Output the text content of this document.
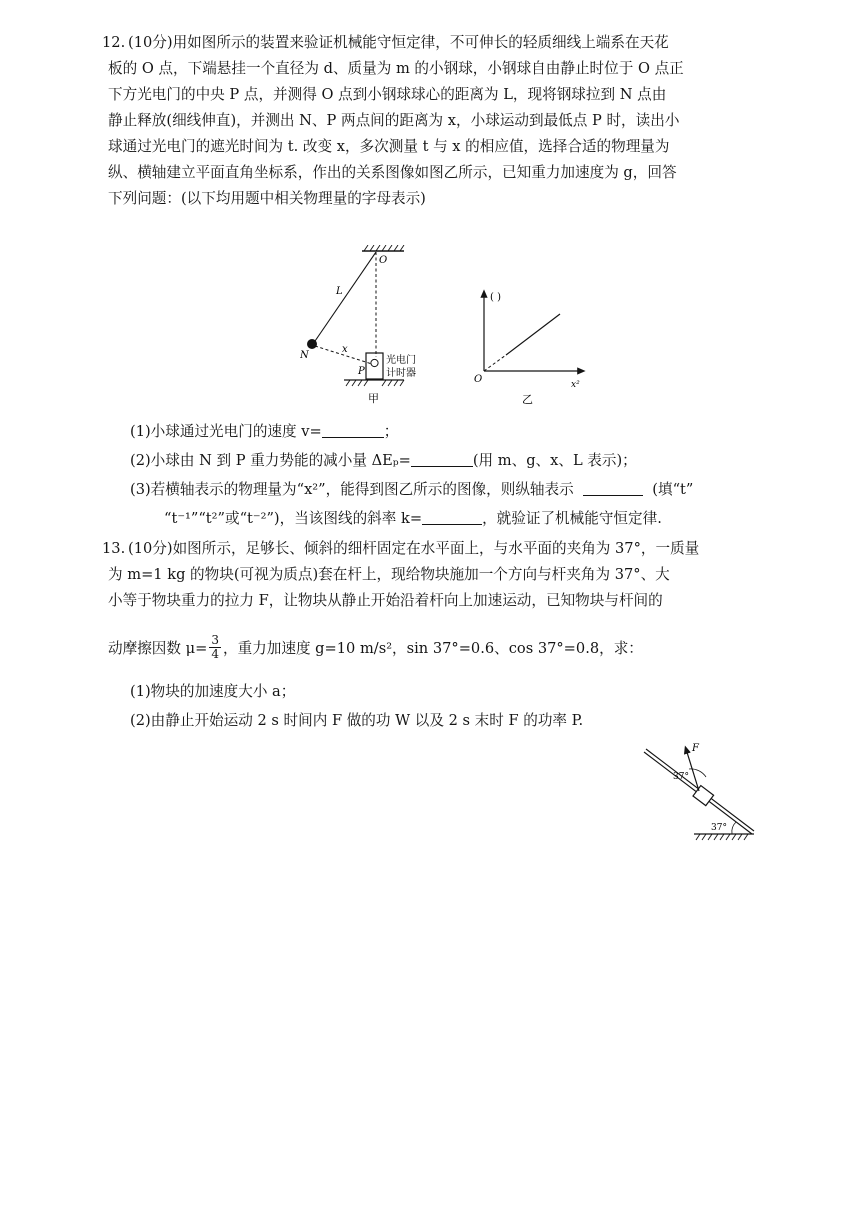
12. (10分)用如图所示的装置来验证机械能守恒定律，不可伸长的轻质细线上端系在天花

板的 O 点，下端悬挂一个直径为 d、质量为 m 的小钢球，小钢球自由静止时位于 O 点正

下方光电门的中央 P 点，并测得 O 点到小钢球球心的距离为 L，现将钢球拉到 N 点由

静止释放(细线伸直)，并测出 N、P 两点间的距离为 x，小球运动到最低点 P 时，读出小

球通过光电门的遮光时间为 t. 改变 x，多次测量 t 与 x 的相应值，选择合适的物理量为

纵、横轴建立平面直角坐标系，作出的关系图像如图乙所示，已知重力加速度为 g，回答

下列问题：(以下均用题中相关物理量的字母表示)

O
L
N
x
P
光电门
计时器
甲
( )
O	x²
乙
(1)小球通过光电门的速度 v=	；
(2)小球由 N 到 P 重力势能的减小量 ΔEₚ=	(用 m、g、x、L 表示)；
(3)若横轴表示的物理量为“x²”，能得到图乙所示的图像，则纵轴表示	(填“t”
“t⁻¹”“t²”或“t⁻²”)，当该图线的斜率 k=	，就验证了机械能守恒定律.
13. (10分)如图所示，足够长、倾斜的细杆固定在水平面上，与水平面的夹角为 37°，一质量

为 m=1 kg 的物块(可视为质点)套在杆上，现给物块施加一个方向与杆夹角为 37°、大

小等于物块重力的拉力 F，让物块从静止开始沿着杆向上加速运动，已知物块与杆间的

动摩擦因数 $\mu= \frac{3}{4}$ ，重力加速度 g=10 m/s²，sin 37°=0.6、cos 37°=0.8，求：
(1)物块的加速度大小 a；
(2)由静止开始运动 2 s 时间内 F 做的功 W 以及 2 s 末时 F 的功率 P.
F
37°
37°
